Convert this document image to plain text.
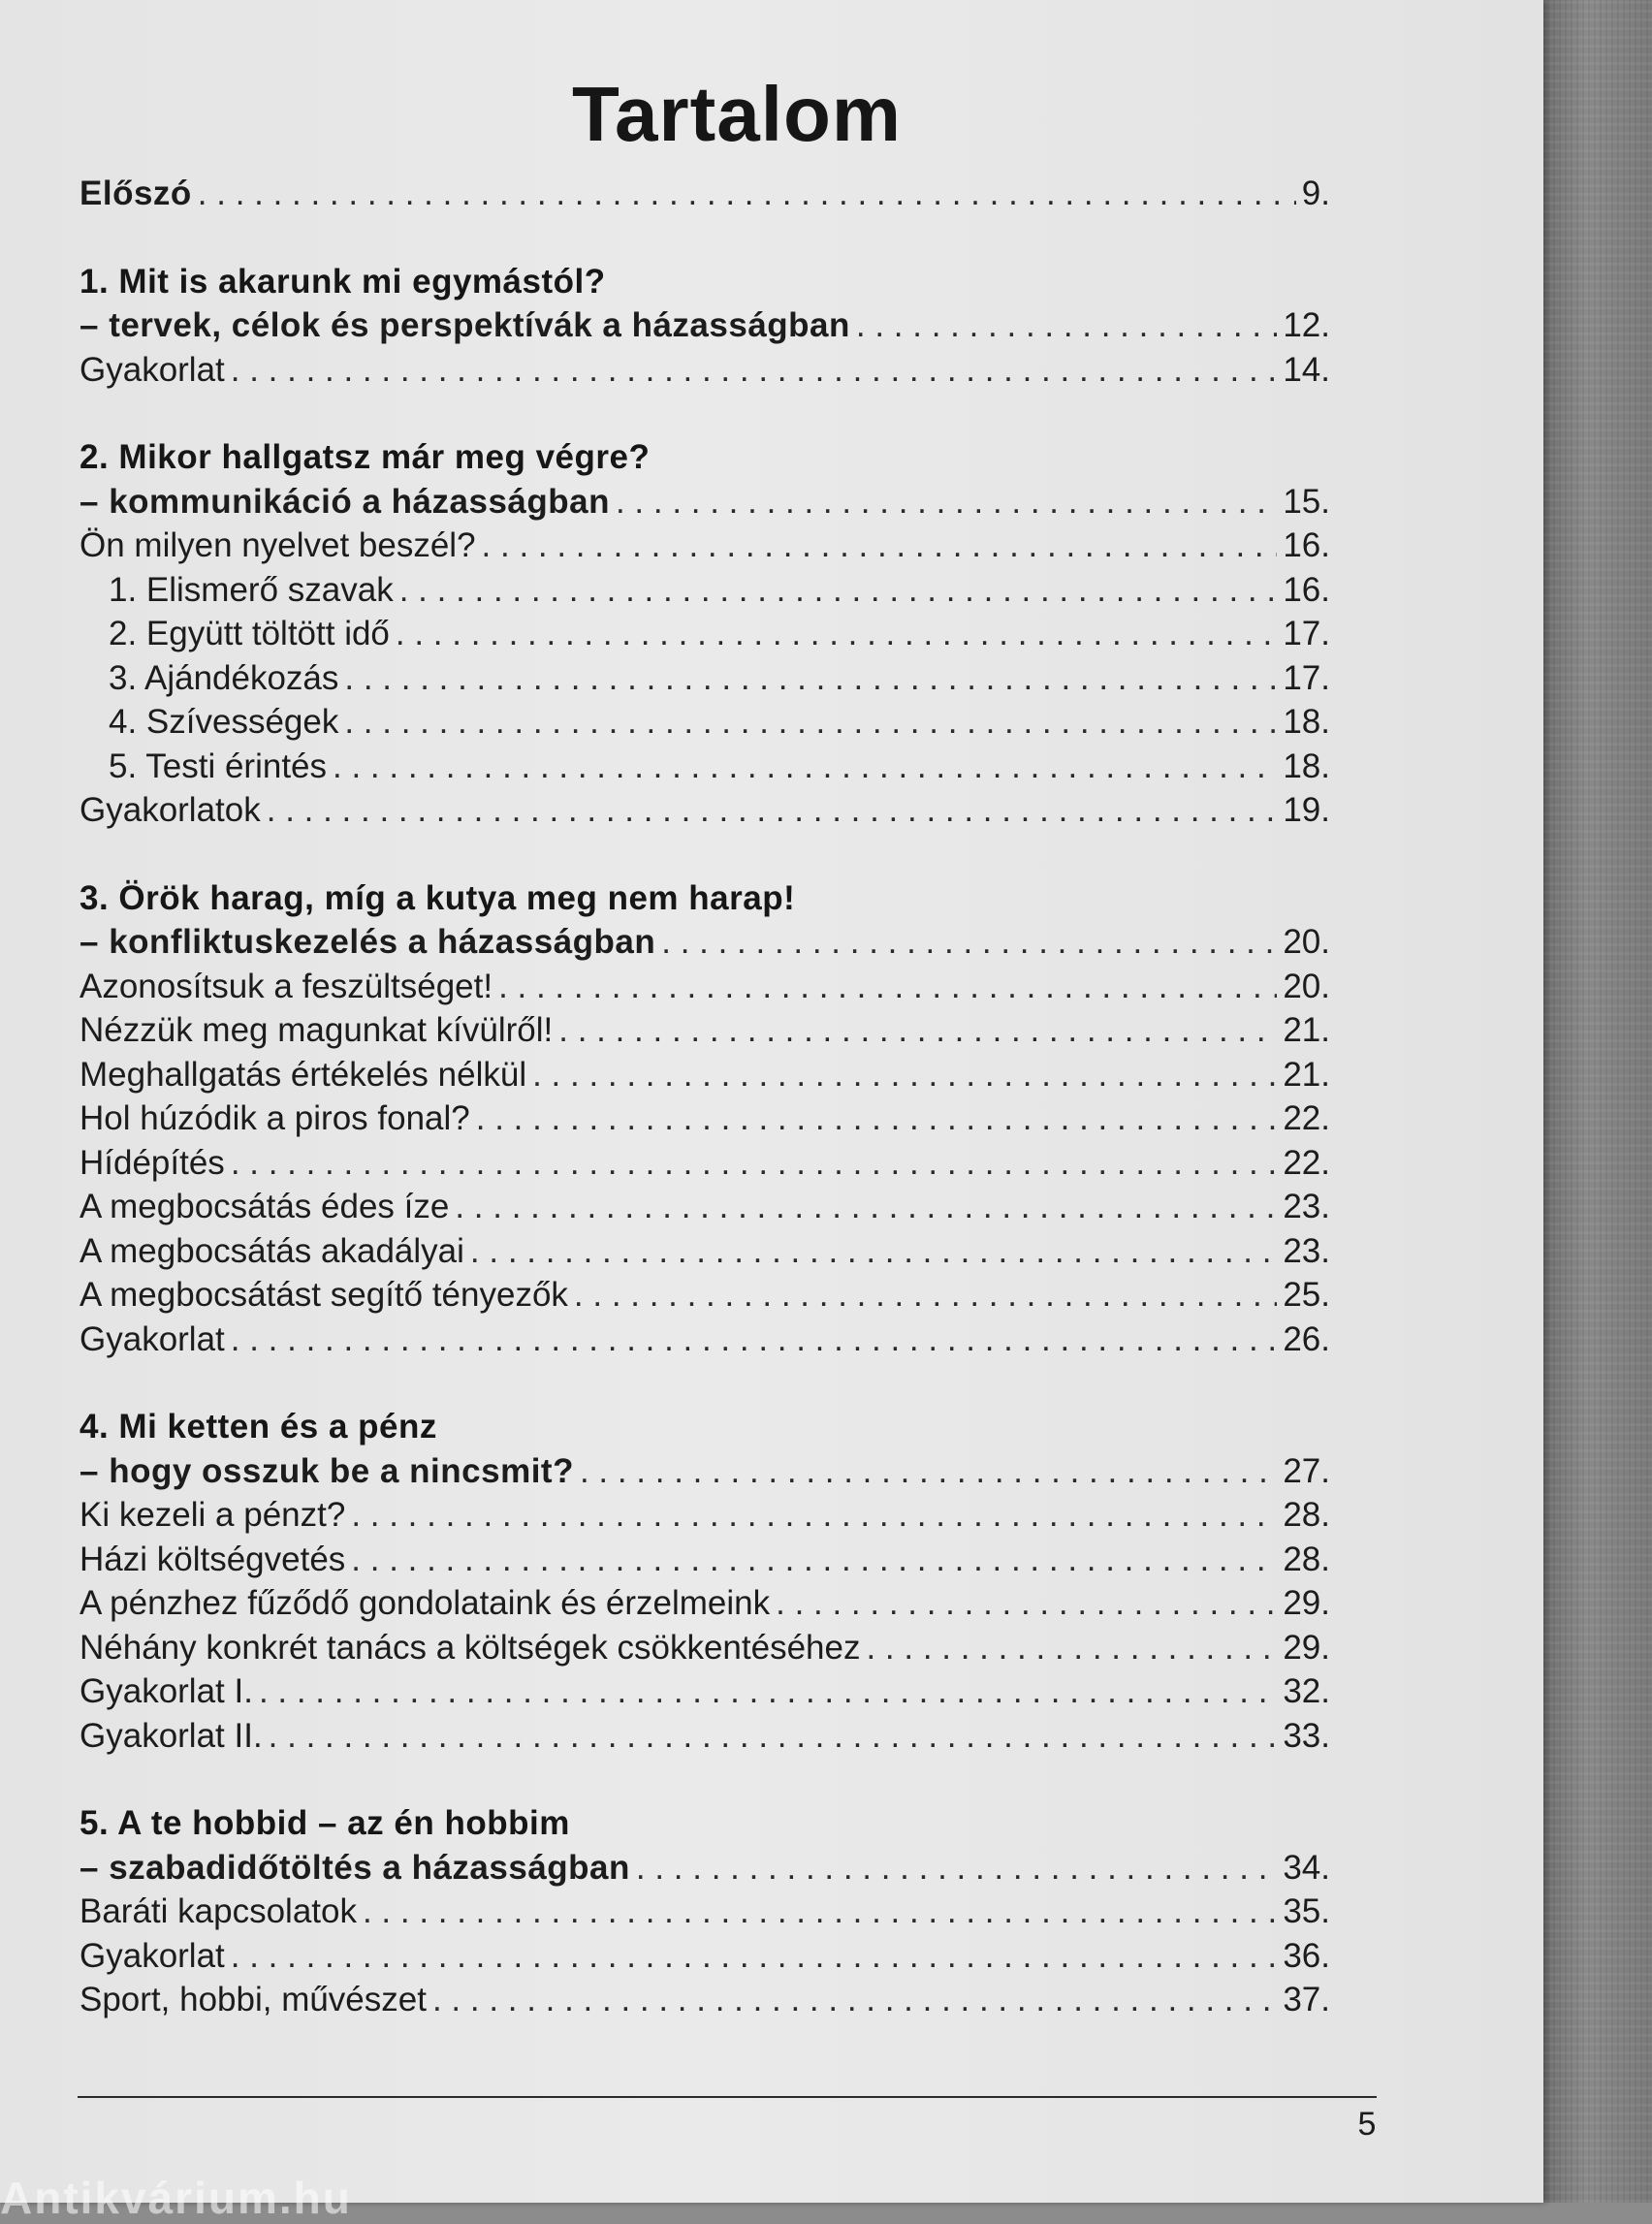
Tartalom
Előszó . . .	9.
1. Mit is akarunk mi egymástól?
– tervek, célok és perspektívák a házasságban . . .	12.
Gyakorlat . . .	14.
2. Mikor hallgatsz már meg végre?
– kommunikáció a házasságban . . .	15.
Ön milyen nyelvet beszél? . . .	16.
1. Elismerő szavak . . .	16.
2. Együtt töltött idő . . .	17.
3. Ajándékozás . . .	17.
4. Szívességek . . .	18.
5. Testi érintés . . .	18.
Gyakorlatok . . .	19.
3. Örök harag, míg a kutya meg nem harap!
– konfliktuskezelés a házasságban . . .	20.
Azonosítsuk a feszültséget! . . .	20.
Nézzük meg magunkat kívülről! . . .	21.
Meghallgatás értékelés nélkül . . .	21.
Hol húzódik a piros fonal? . . .	22.
Hídépítés . . .	22.
A megbocsátás édes íze . . .	23.
A megbocsátás akadályai . . .	23.
A megbocsátást segítő tényezők . . .	25.
Gyakorlat . . .	26.
4. Mi ketten és a pénz
– hogy osszuk be a nincsmit? . . .	27.
Ki kezeli a pénzt? . . .	28.
Házi költségvetés . . .	28.
A pénzhez fűződő gondolataink és érzelmeink . . .	29.
Néhány konkrét tanács a költségek csökkentéséhez . . .	29.
Gyakorlat I. . . .	32.
Gyakorlat II. . . .	33.
5. A te hobbid – az én hobbim
– szabadidőtöltés a házasságban . . .	34.
Baráti kapcsolatok . . .	35.
Gyakorlat . . .	36.
Sport, hobbi, művészet . . .	37.
5
Antikvárium.hu
